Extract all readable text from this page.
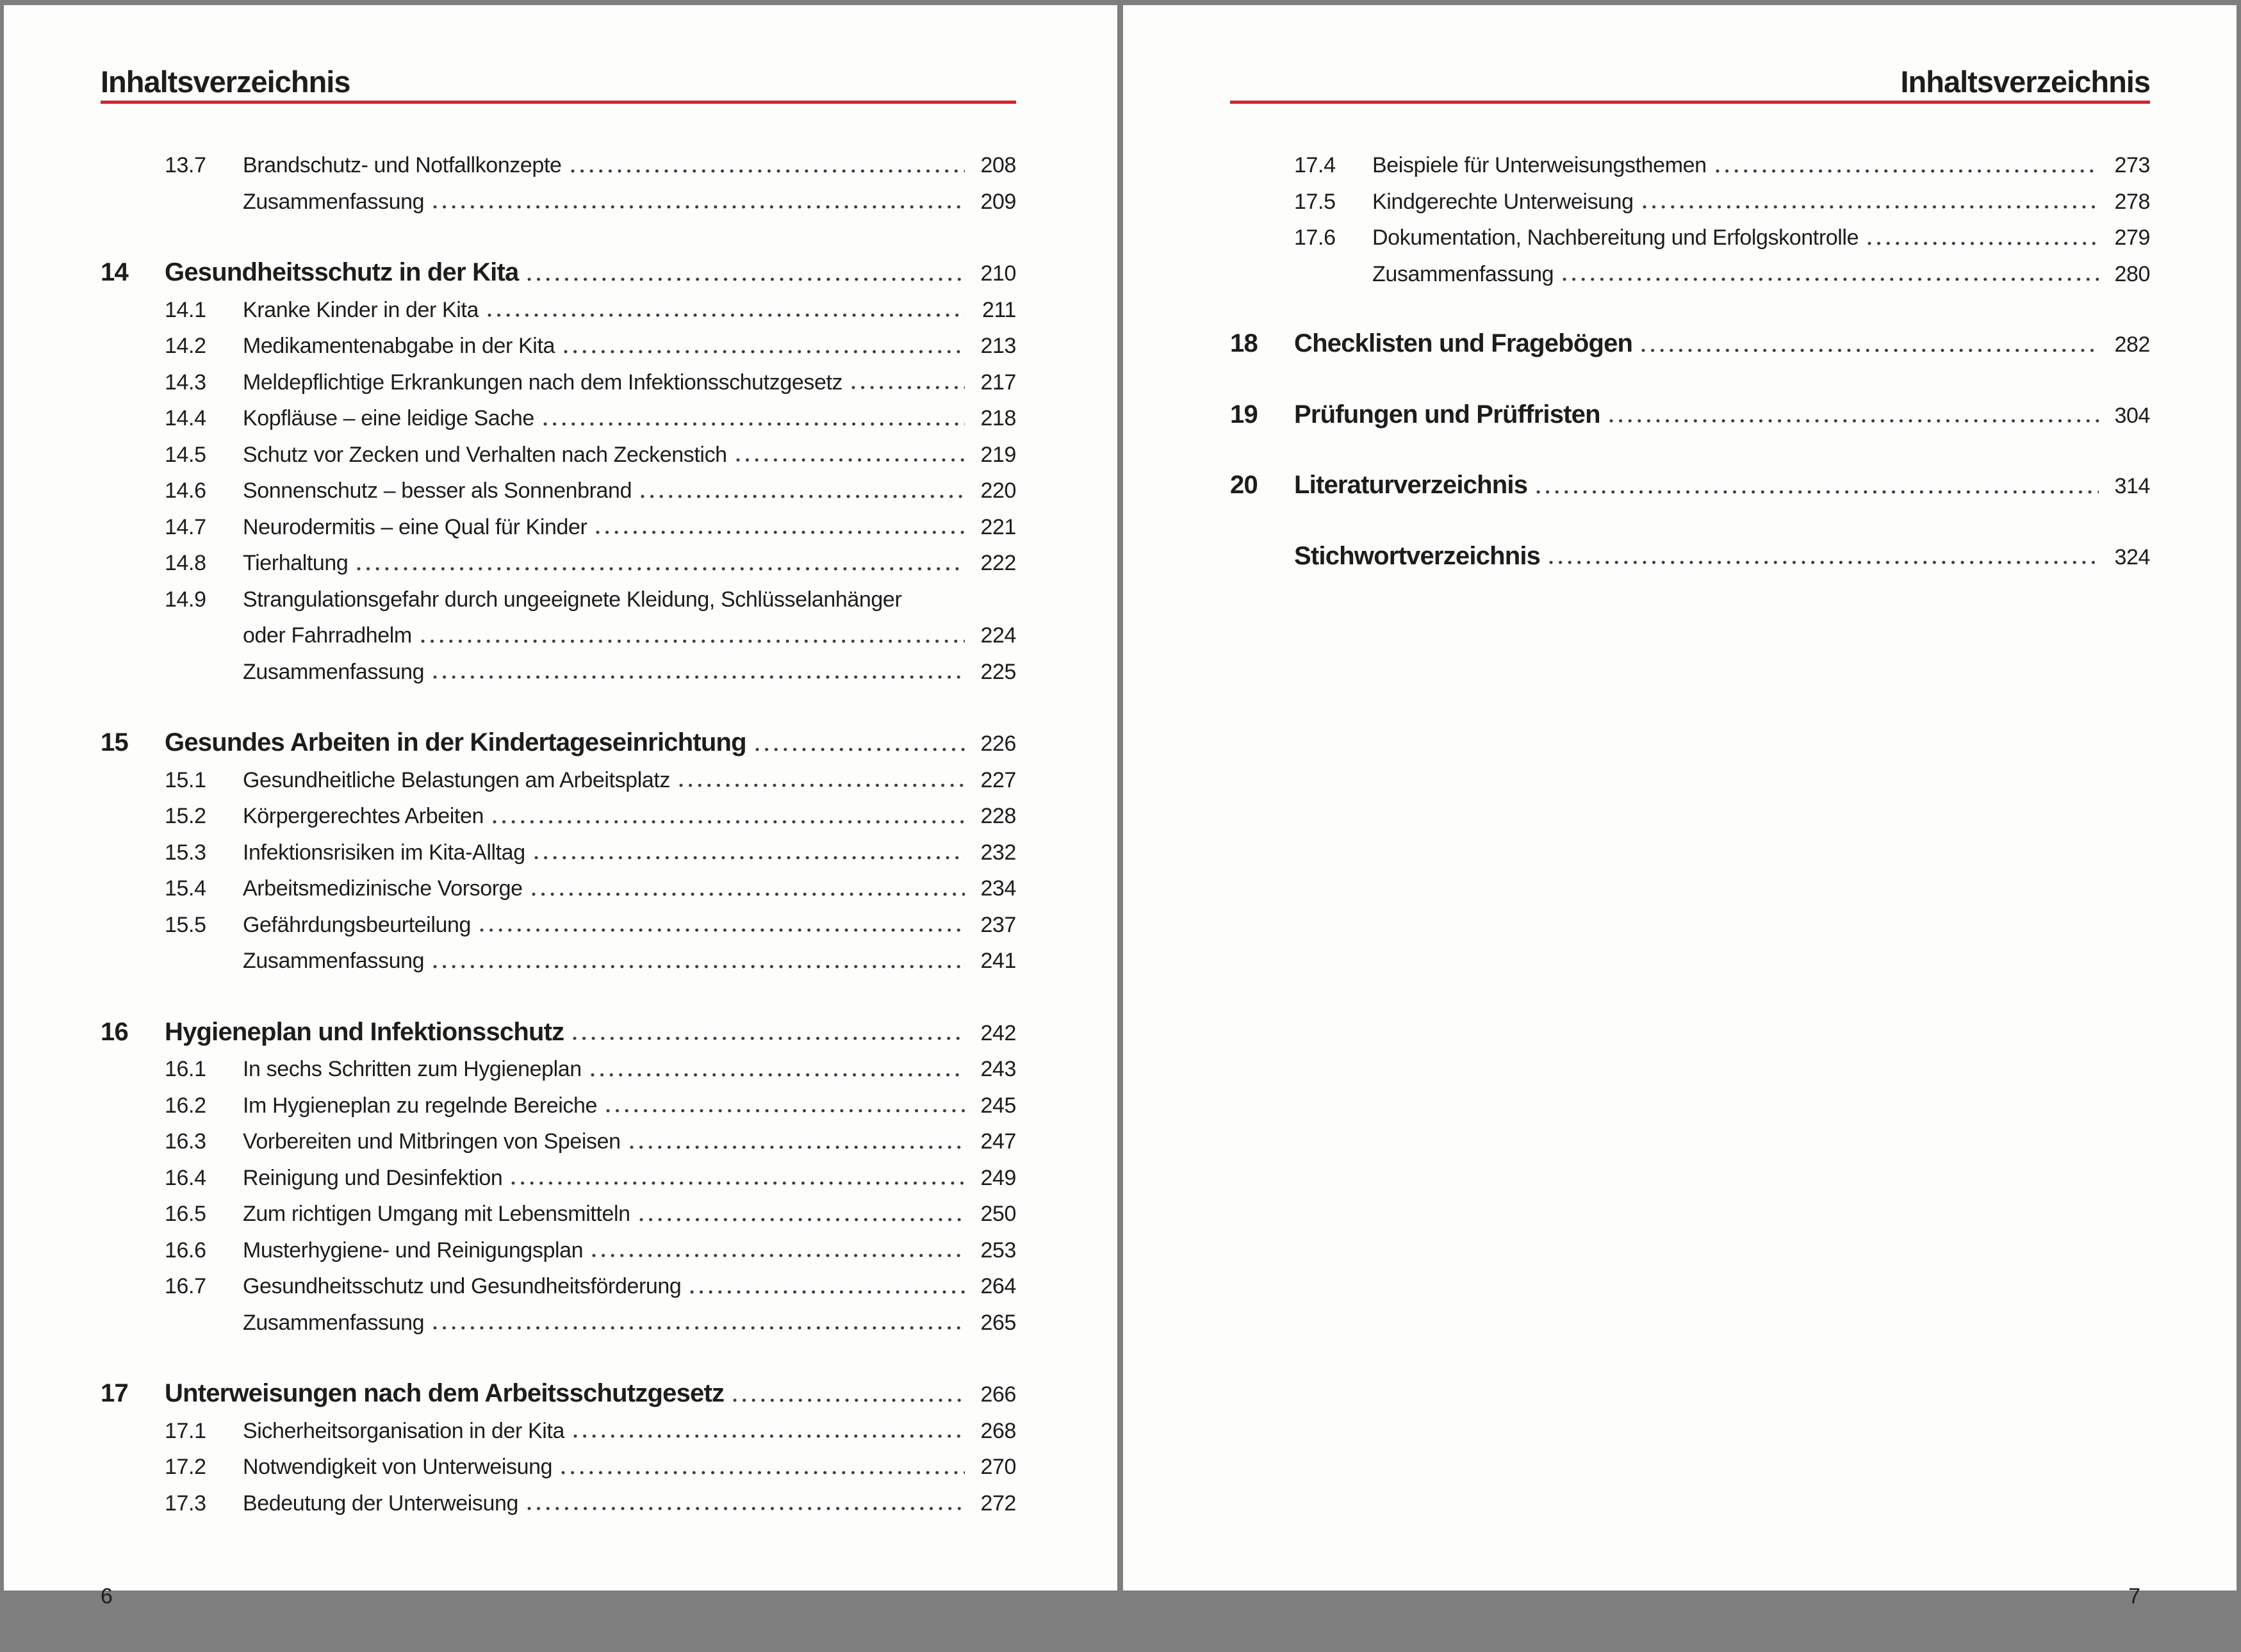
Inhaltsverzeichnis
13.7	Brandschutz- und Notfallkonzepte	208
Zusammenfassung	209
14	Gesundheitsschutz in der Kita	210
14.1	Kranke Kinder in der Kita	211
14.2	Medikamentenabgabe in der Kita	213
14.3	Meldepflichtige Erkrankungen nach dem Infektionsschutzgesetz	217
14.4	Kopfläuse – eine leidige Sache	218
14.5	Schutz vor Zecken und Verhalten nach Zeckenstich	219
14.6	Sonnenschutz – besser als Sonnenbrand	220
14.7	Neurodermitis – eine Qual für Kinder	221
14.8	Tierhaltung	222
14.9	Strangulationsgefahr durch ungeeignete Kleidung, Schlüsselanhänger
oder Fahrradhelm	224
Zusammenfassung	225
15	Gesundes Arbeiten in der Kindertageseinrichtung	226
15.1	Gesundheitliche Belastungen am Arbeitsplatz	227
15.2	Körpergerechtes Arbeiten	228
15.3	Infektionsrisiken im Kita-Alltag	232
15.4	Arbeitsmedizinische Vorsorge	234
15.5	Gefährdungsbeurteilung	237
Zusammenfassung	241
16	Hygieneplan und Infektionsschutz	242
16.1	In sechs Schritten zum Hygieneplan	243
16.2	Im Hygieneplan zu regelnde Bereiche	245
16.3	Vorbereiten und Mitbringen von Speisen	247
16.4	Reinigung und Desinfektion	249
16.5	Zum richtigen Umgang mit Lebensmitteln	250
16.6	Musterhygiene- und Reinigungsplan	253
16.7	Gesundheitsschutz und Gesundheitsförderung	264
Zusammenfassung	265
17	Unterweisungen nach dem Arbeitsschutzgesetz	266
17.1	Sicherheitsorganisation in der Kita	268
17.2	Notwendigkeit von Unterweisung	270
17.3	Bedeutung der Unterweisung	272
6
Inhaltsverzeichnis
17.4	Beispiele für Unterweisungsthemen	273
17.5	Kindgerechte Unterweisung	278
17.6	Dokumentation, Nachbereitung und Erfolgskontrolle	279
Zusammenfassung	280
18	Checklisten und Fragebögen	282
19	Prüfungen und Prüffristen	304
20	Literaturverzeichnis	314
Stichwortverzeichnis	324
7
